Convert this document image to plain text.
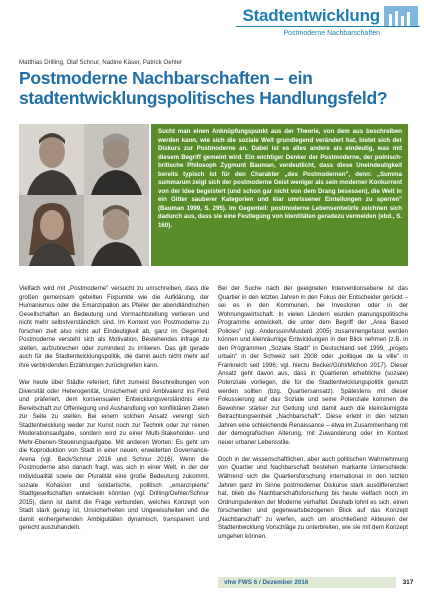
Stadtentwicklung
Postmoderne Nachbarschaften
Matthias Drilling, Olaf Schnur, Nadine Käser, Patrick Oehler
Postmoderne Nachbarschaften – ein stadtentwicklungspolitisches Handlungsfeld?

Sucht man einen Anknüpfungspunkt aus der Theorie, von dem aus beschreiben werden kann, wie sich die soziale Welt grundlegend verändert hat, bietet sich der Diskurs zur Postmoderne an. Dabei ist es alles andere als eindeutig, was mit diesem Begriff gemeint wird. Ein wichtiger Denker der Postmoderne, der polnisch-britische Philosoph Zygmunt Bauman, verdeutlicht, dass diese Uneindeutigkeit bereits typisch ist für den Charakter „des Postmodernen", denn: „Summa summarum zeigt sich der postmoderne Geist weniger als sein moderner Konkurrent von der Idee begeistert (und schon gar nicht von dem Drang besessen), die Welt in ein Gitter sauberer Kategorien und klar umrissener Einteilungen zu sperren" (Bauman 1999, S. 295). Im Gegenteil: postmoderne Lebensentwürfe zeichnen sich dadurch aus, dass sie eine Festlegung von Identitäten geradezu vermeiden (ebd., S. 160).

Vielfach wird mit „Postmoderne" versucht zu umschreiben, dass die großen gemeinsam geteilten Fixpunkte wie die Aufklärung, der Humanismus oder die Emanzipation als Pfeiler der abendländischen Gesellschaften an Bedeutung und Vormachtstellung verlieren und nicht mehr selbstverständlich sind. Im Kontext von Postmoderne zu forschen zielt also nicht auf Eindeutigkeit ab, ganz im Gegenteil: Postmoderne versteht sich als Motivation, Bestehendes infrage zu stellen, aufzubrechen oder zumindest zu irritieren. Das gilt gerade auch für die Stadtentwicklungspolitik, die damit auch nicht mehr auf ihre verbindenden Erzählungen zurückgreifen kann.

Wer heute über Städte referiert, führt zumeist Beschreibungen von Diversität oder Heterogenität, Unsicherheit und Ambivalenz ins Feld und präferiert, dem konsensualen Entwicklungsverständnis eine Bereitschaft zur Offenlegung und Aushandlung von konfliktären Zielen zur Seite zu stellen. Bei einem solchen Ansatz verengt sich Stadtentwicklung weder zur Kunst noch zur Technik oder zur reinen Moderationsaufgabe, sondern wird zu einer Multi-Stakeholder- und Mehr-Ebenen-Steuerungsaufgabe. Mit anderen Worten: Es geht um die Koproduktion von Stadt in einer neuen, erweiterten Governance-Arena (vgl. Beck/Schnur 2016 und Schnur 2016). Wenn die Postmoderne also danach fragt, was sich in einer Welt, in der der Individualität sowie der Pluralität eine große Bedeutung zukommt, soziale Kohäsion und solidarische, politisch „emanzipierte" Stadtgesellschaften entwickeln könnten (vgl. Drilling/Oehler/Schnur 2015), dann ist damit die Frage verbunden, welches Konzept von Stadt stark genug ist, Unsicherheiten und Ungewissheiten und die damit einhergehenden Ambiguitäten dynamisch, transparent und gerecht auszuhandeln.

Bei der Suche nach der geeigneten Interventionsebene ist das Quartier in den letzten Jahren in den Fokus der Entscheider gerückt – sei es in den Kommunen, bei Investoren oder in der Wohnungswirtschaft. In vielen Ländern wurden planungspolitische Programme entwickelt, die unter dem Begriff der „Area Based Policies" (vgl. Andersson/Musterd 2005) zusammengefasst werden können und kleinräumige Entwicklungen in den Blick nehmen (z.B. in den Programmen „Soziale Stadt" in Deutschland seit 1999, „projets urbain" in der Schweiz seit 2008 oder „politique de la ville" in Frankreich seit 1996; vgl. hierzu Becker/Gühl/Michon 2017). Dieser Ansatz geht davon aus, dass in Quartieren erhebliche (soziale) Potenziale vorliegen, die für die Stadtentwicklungspolitik genutzt werden sollten (bzg. Quartiersansatz). Spätestens mit dieser Fokussierung auf das Soziale und seine Potenziale kommen die Bewohner stärker zur Geltung und damit auch die kleinräumigste Betrachtungseinheit „Nachbarschaft". Diese erlebt in den letzten Jahren eine schleichende Renaissance – etwa im Zusammenhang mit der demografischen Alterung, mit Zuwanderung oder im Kontext neuer urbaner Lebensstile.

Doch in der wissenschaftlichen, aber auch politischen Wahrnehmung von Quartier und Nachbarschaft bestehen markante Unterschiede: Während sich die Quartiersforschung international in den letzten Jahren ganz im Sinne postmoderner Diskurse stark ausdifferenziert hat, blieb die Nachbarschaftsforschung bis heute vielfach noch im Ordnungsdenken der Moderne verhaftet. Deshalb lohnt es sich, einen forschenden und gegenwartsbezogenen Blick auf das Konzept „Nachbarschaft" zu werfen, auch um anschließend Akteuren der Stadtentwicklung Vorschläge zu unterbreiten, wie sie mit dem Konzept umgehen können.

vhw FWS 6 / Dezember 2016	317
